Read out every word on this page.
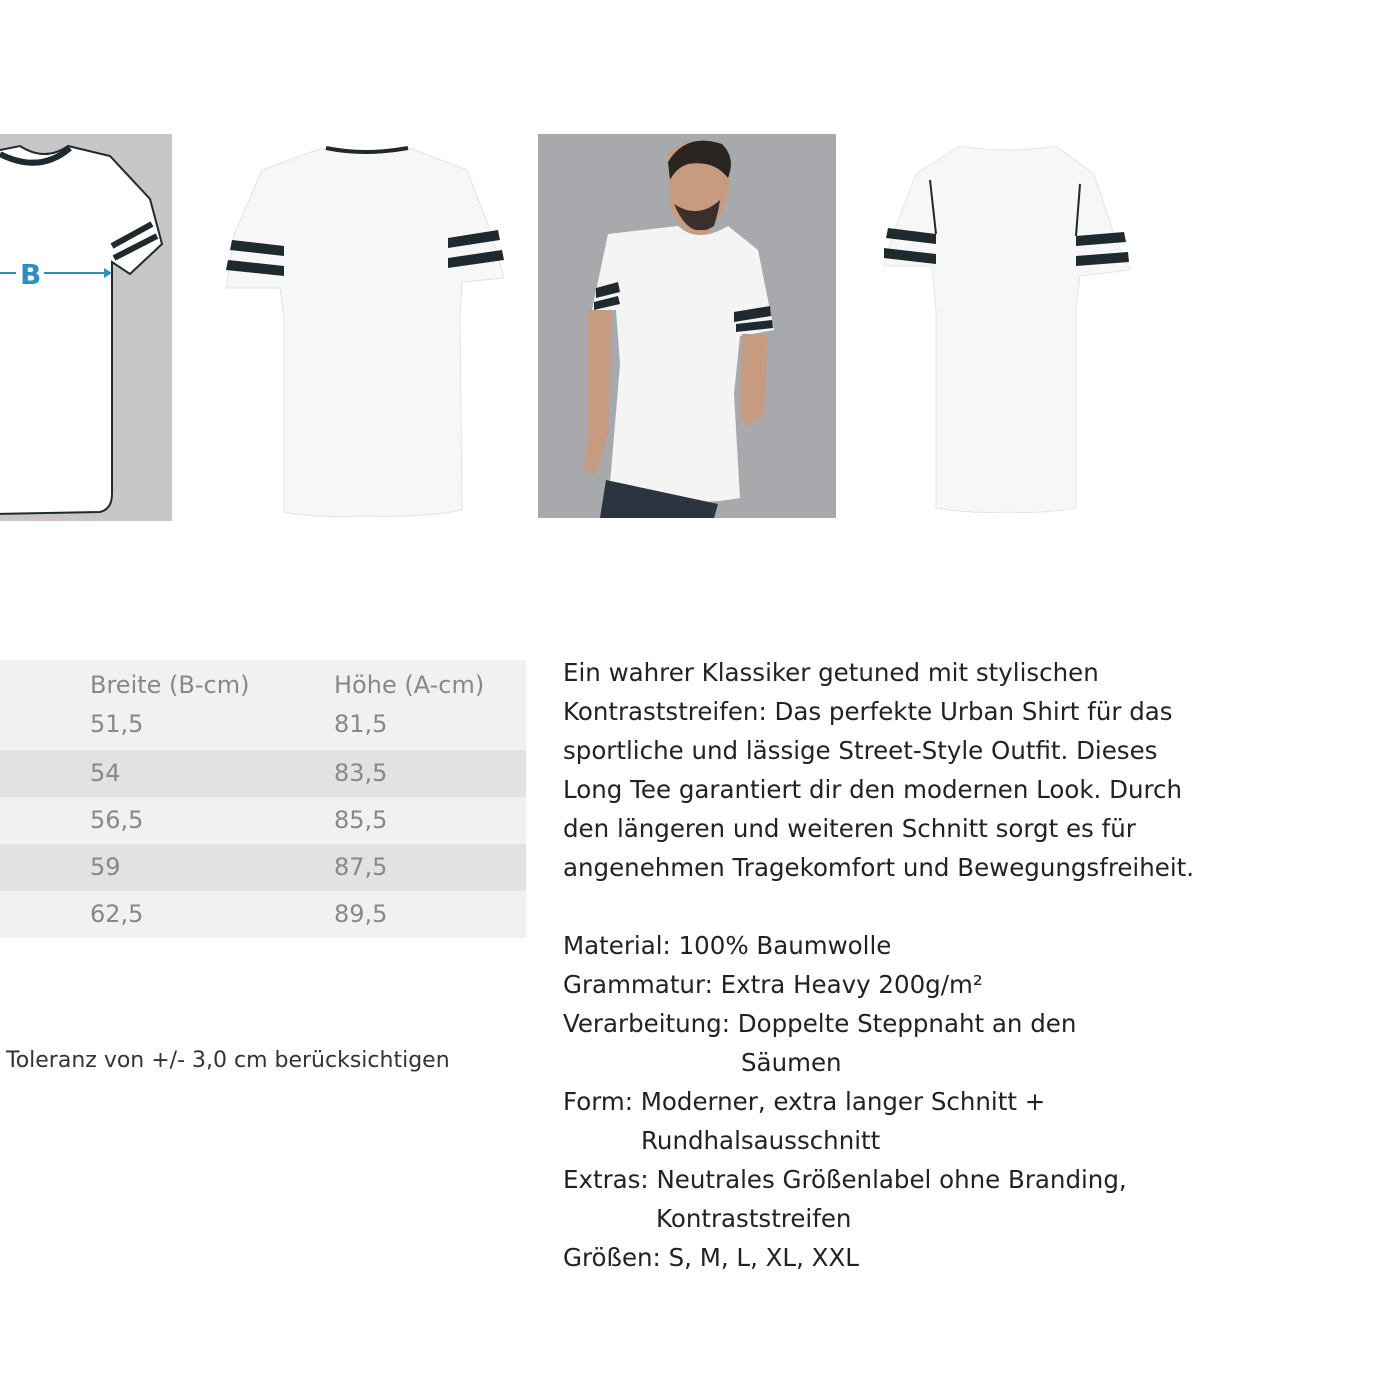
B
Breite (B-cm)	Höhe (A-cm)
51,5	81,5
54	83,5
56,5	85,5
59	87,5
62,5	89,5
Toleranz von +/- 3,0 cm berücksichtigen

Ein wahrer Klassiker getuned mit stylischen Kontraststreifen: Das perfekte Urban Shirt für das sportliche und lässige Street-Style Outfit. Dieses Long Tee garantiert dir den modernen Look. Durch den längeren und weiteren Schnitt sorgt es für angenehmen Tragekomfort und Bewegungsfreiheit.

Material: 100% Baumwolle

Grammatur: Extra Heavy 200g/m²

Verarbeitung: Doppelte Steppnaht an den

Säumen

Form: Moderner, extra langer Schnitt +

Rundhalsausschnitt

Extras: Neutrales Größenlabel ohne Branding,

Kontraststreifen

Größen: S, M, L, XL, XXL
